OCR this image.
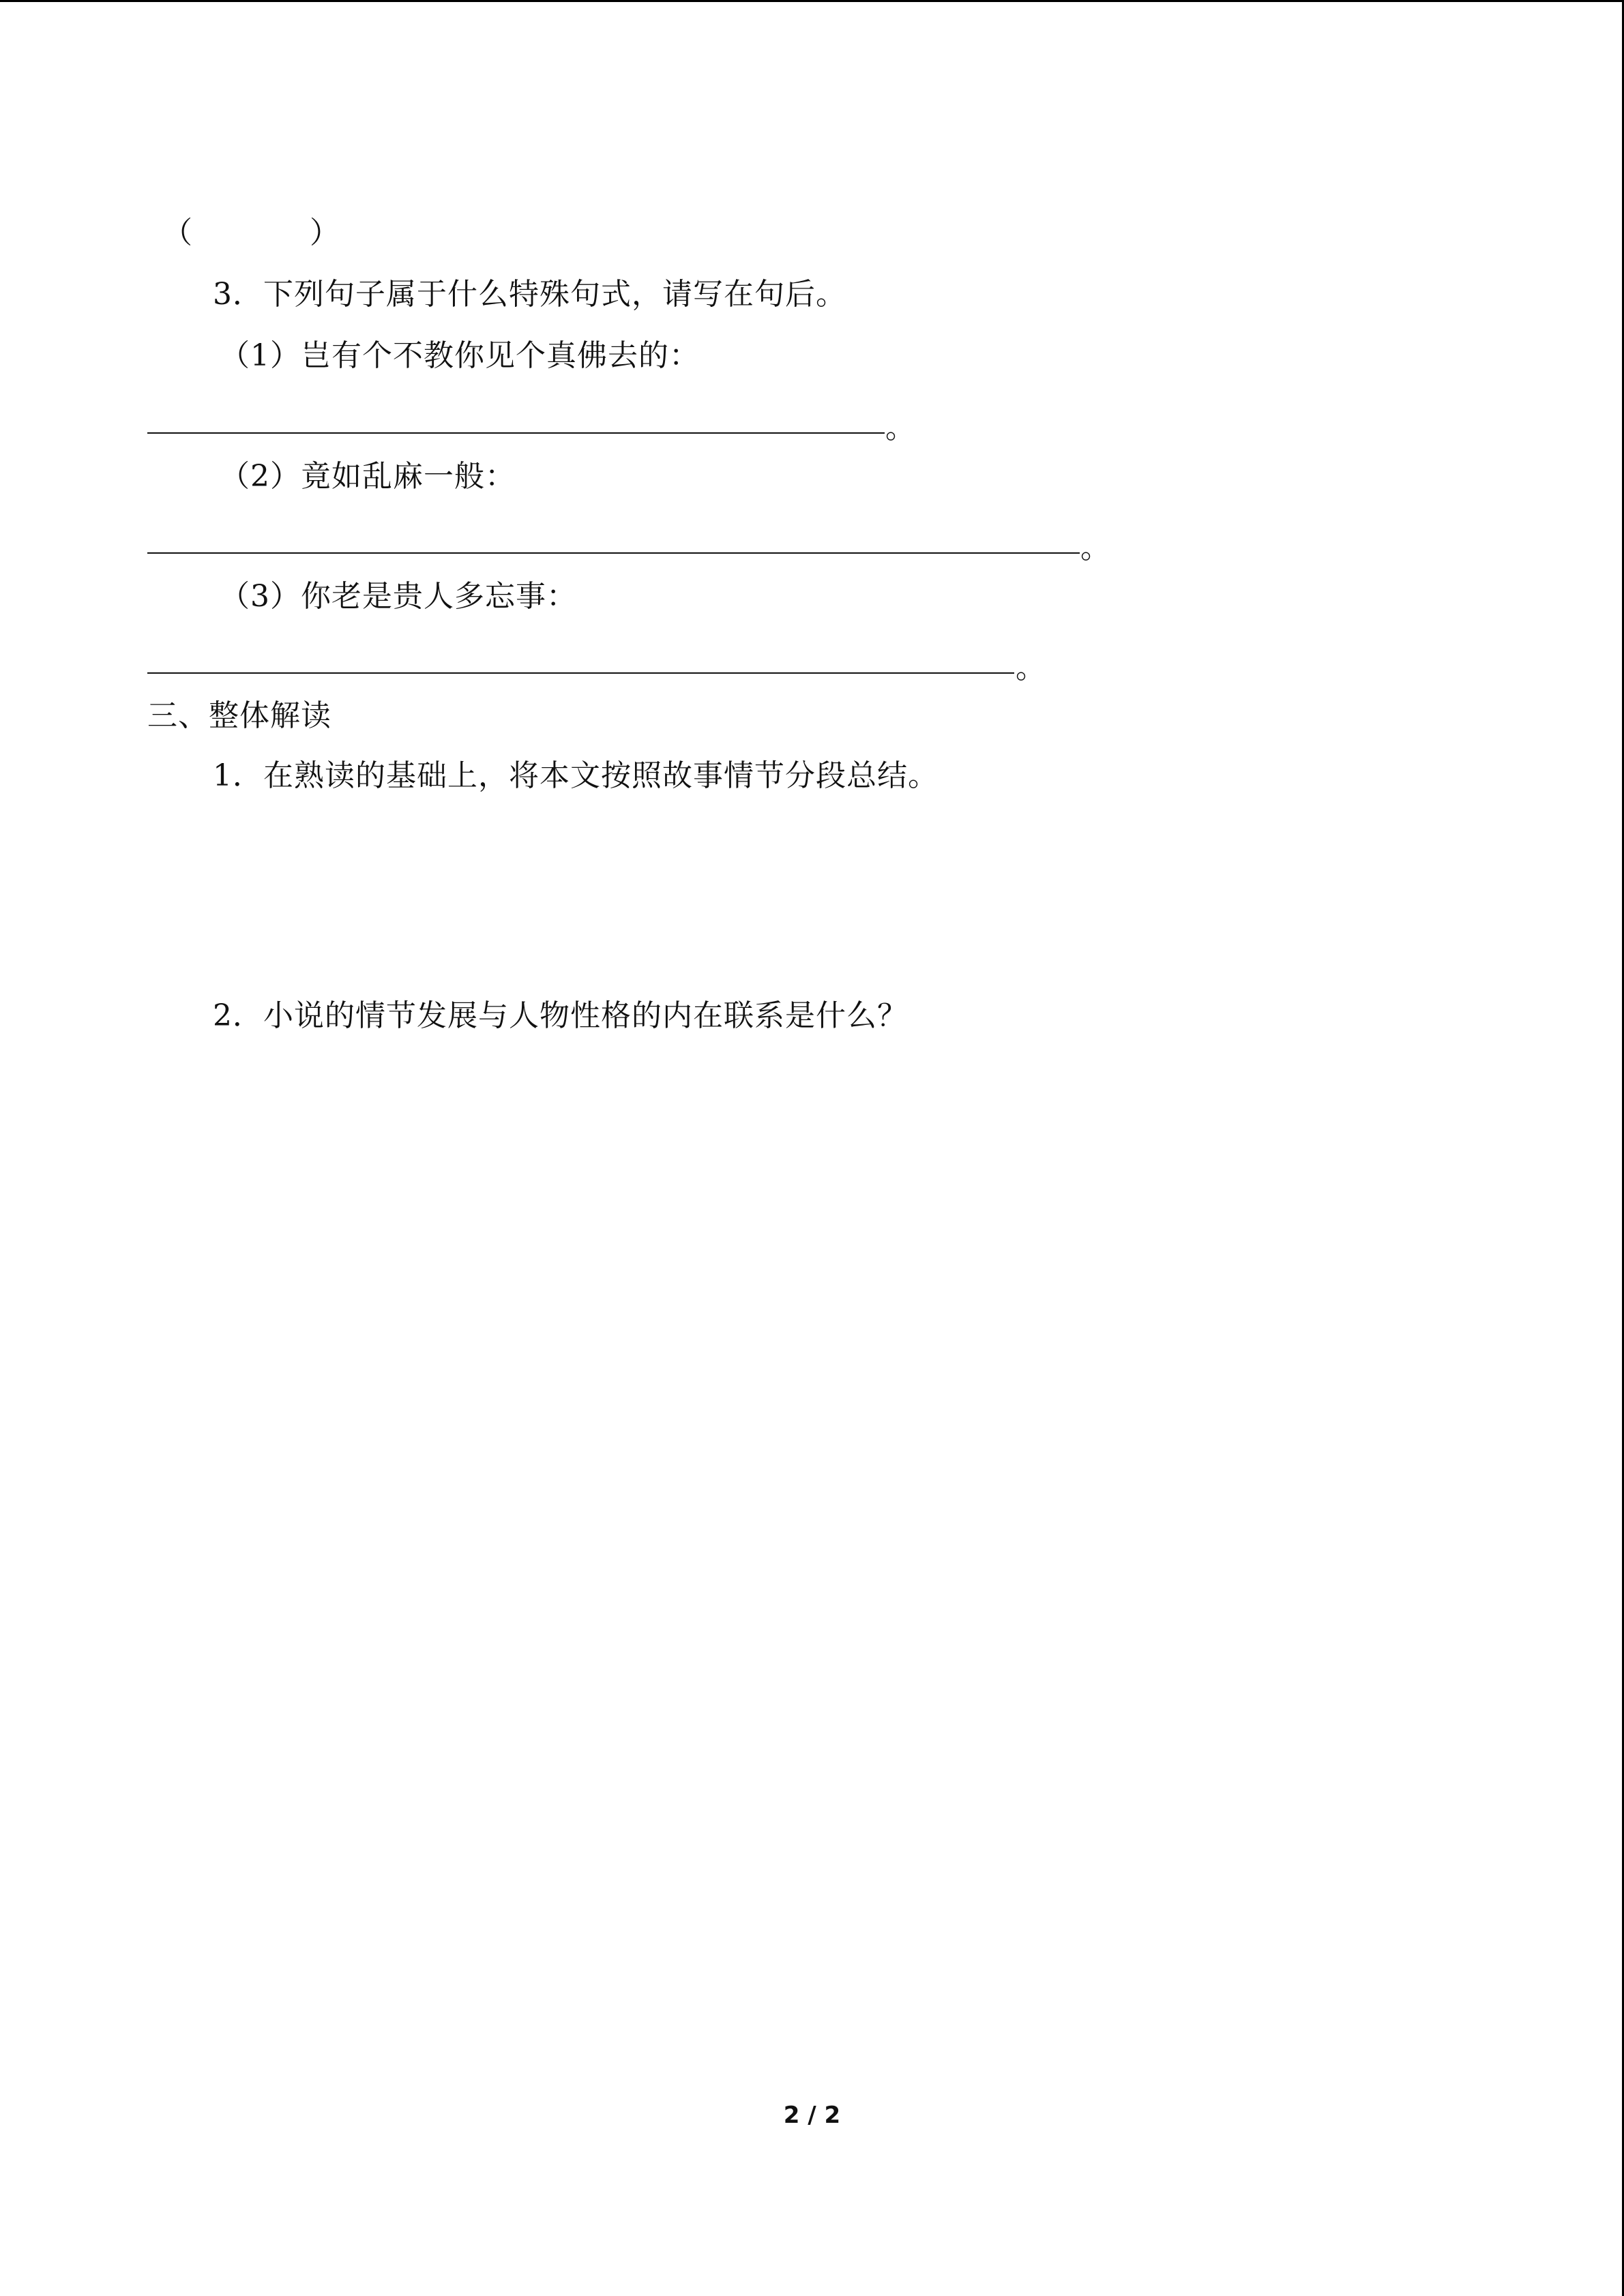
（	）
3．下列句子属于什么特殊句式，请写在句后。
（1）岂有个不教你见个真佛去的：
。
（2）竟如乱麻一般：
。
（3）你老是贵人多忘事：
。
三、整体解读
1．在熟读的基础上，将本文按照故事情节分段总结。
2．小说的情节发展与人物性格的内在联系是什么？
2 / 2
